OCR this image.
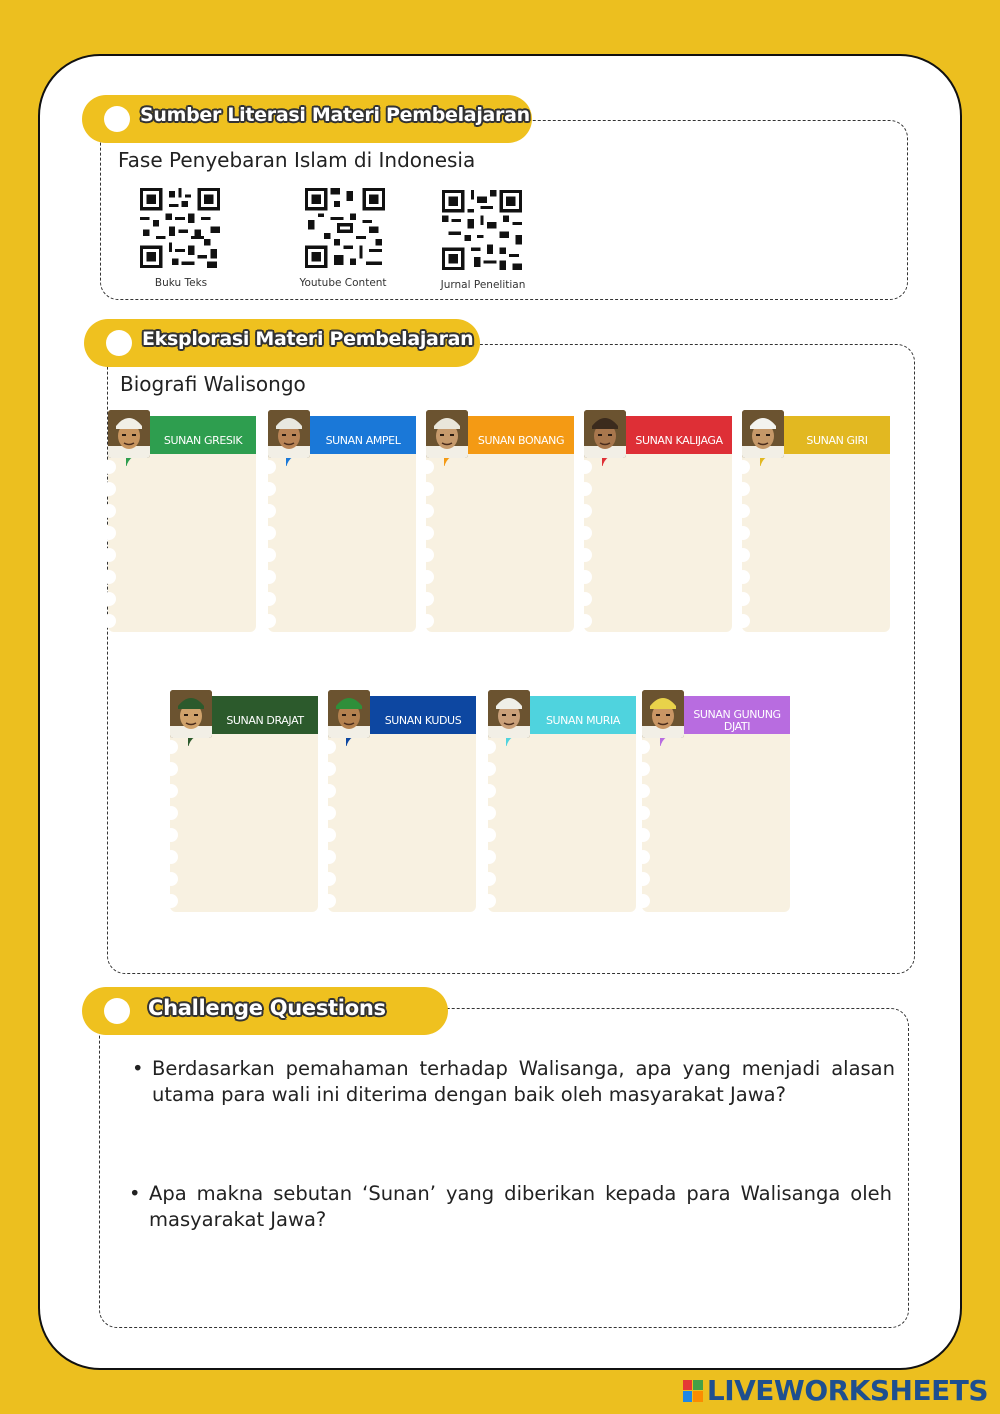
Sumber Literasi Materi Pembelajaran
Fase Penyebaran Islam di Indonesia
Buku Teks	Youtube Content	Jurnal Penelitian
Eksplorasi Materi Pembelajaran
Biografi Walisongo
SUNAN GRESIK	SUNAN AMPEL	SUNAN BONANG	SUNAN KALIJAGA	SUNAN GIRI
SUNAN DRAJAT	SUNAN KUDUS	SUNAN MURIA	SUNAN GUNUNG DJATI
Challenge Questions
• Berdasarkan pemahaman terhadap Walisanga, apa yang menjadi alasan utama para wali ini diterima dengan baik oleh masyarakat Jawa?
• Apa makna sebutan ‘Sunan’ yang diberikan kepada para Walisanga oleh masyarakat Jawa?
LIVEWORKSHEETS
